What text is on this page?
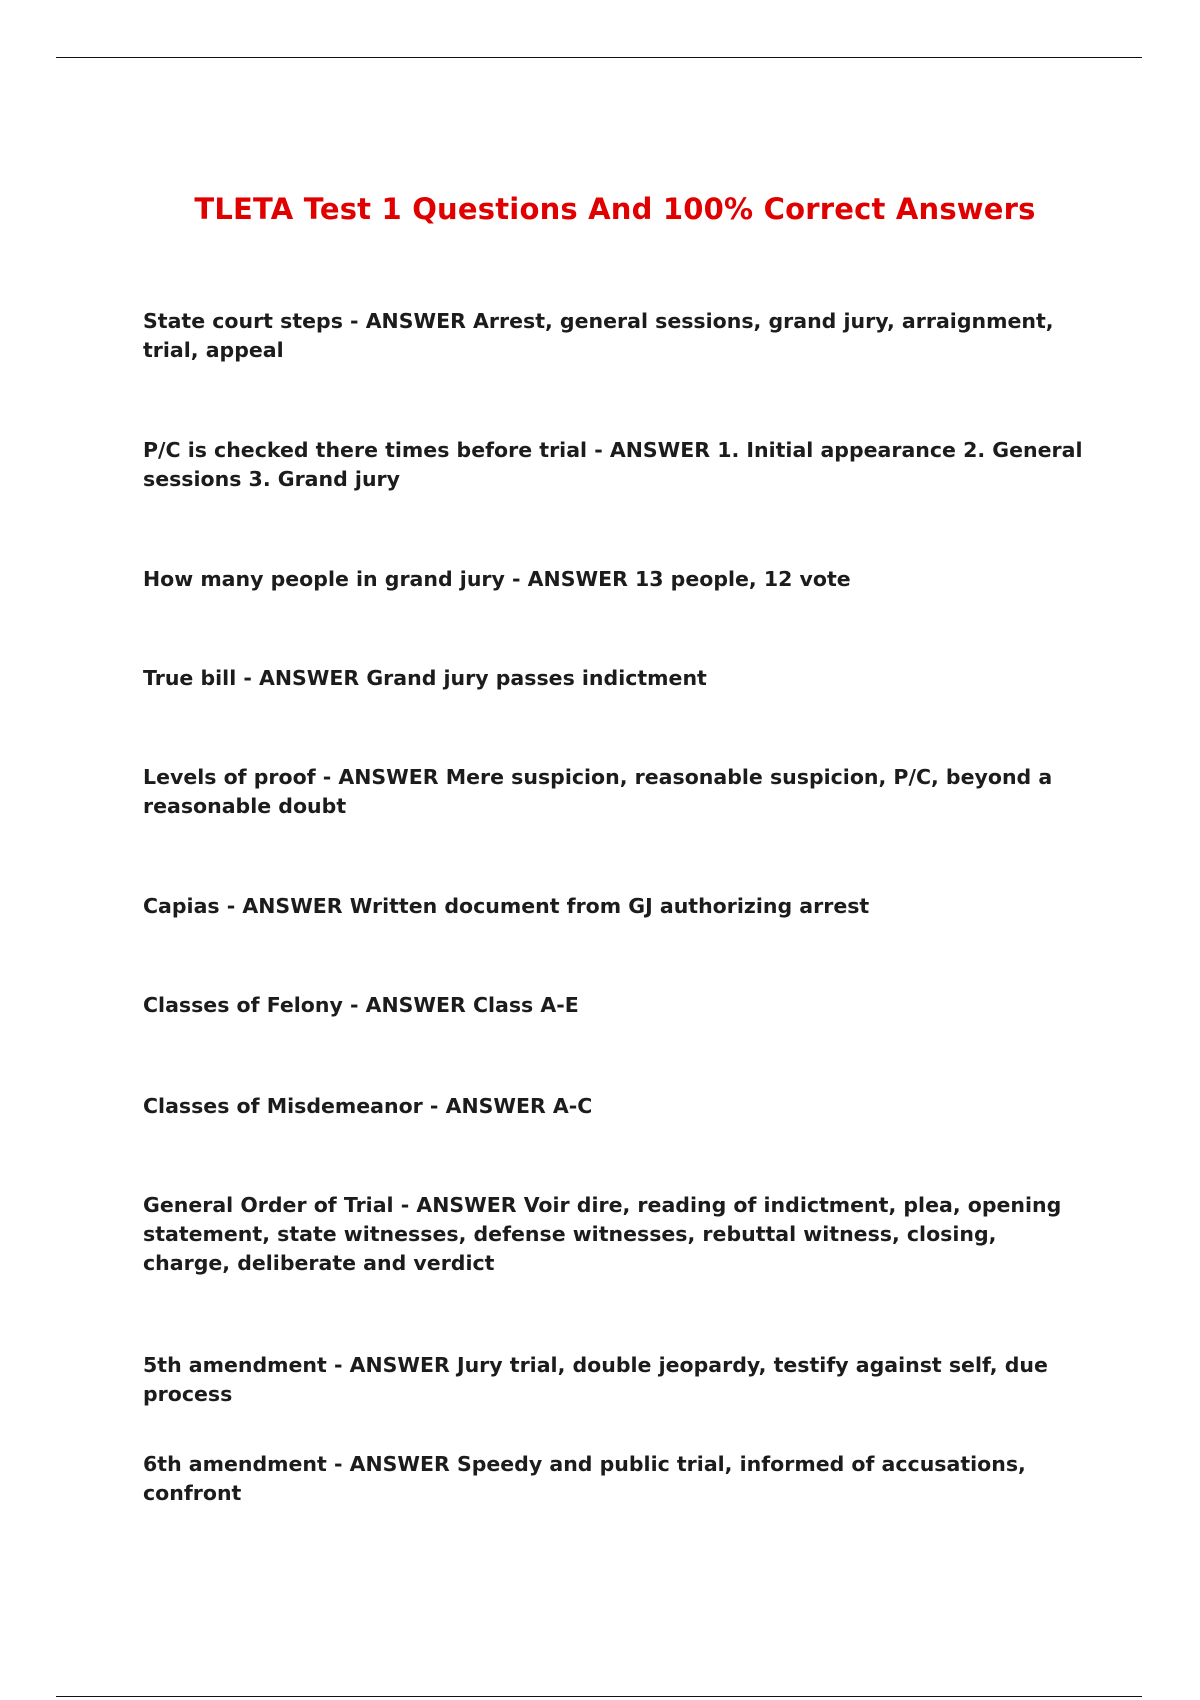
TLETA Test 1 Questions And 100% Correct Answers
State court steps - ANSWER Arrest, general sessions, grand jury, arraignment, trial, appeal
P/C is checked there times before trial - ANSWER 1. Initial appearance 2. General sessions 3. Grand jury
How many people in grand jury - ANSWER 13 people, 12 vote
True bill - ANSWER Grand jury passes indictment
Levels of proof - ANSWER Mere suspicion, reasonable suspicion, P/C, beyond a reasonable doubt
Capias - ANSWER Written document from GJ authorizing arrest
Classes of Felony - ANSWER Class A-E
Classes of Misdemeanor - ANSWER A-C
General Order of Trial - ANSWER Voir dire, reading of indictment, plea, opening statement, state witnesses, defense witnesses, rebuttal witness, closing, charge, deliberate and verdict
5th amendment - ANSWER Jury trial, double jeopardy, testify against self, due process
6th amendment - ANSWER Speedy and public trial, informed of accusations, confront
